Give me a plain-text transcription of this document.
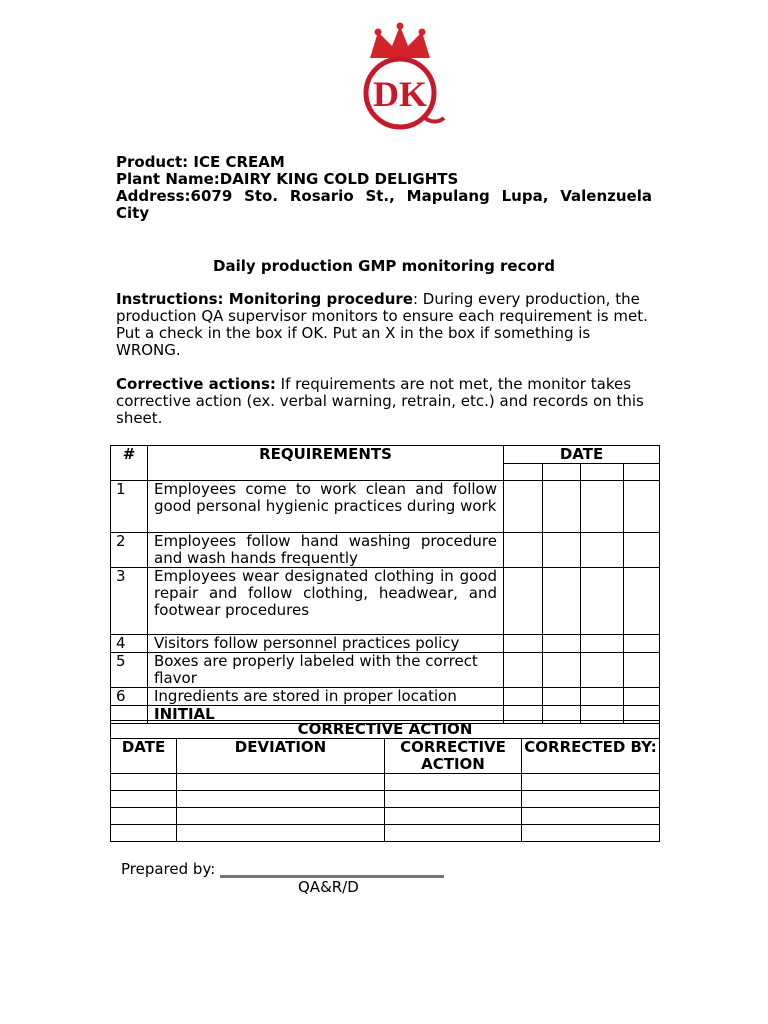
DK
Product: ICE CREAM
Plant Name:DAIRY KING COLD DELIGHTS
Address:6079 Sto. Rosario St., Mapulang Lupa, Valenzuela
City
Daily production GMP monitoring record
Instructions: Monitoring procedure: During every production, the production QA supervisor monitors to ensure each requirement is met. Put a check in the box if OK. Put an X in the box if something is WRONG.
Corrective actions: If requirements are not met, the monitor takes corrective action (ex. verbal warning, retrain, etc.) and records on this sheet.
#	REQUIREMENTS	DATE			

1	Employees come to work clean and follow good personal hygienic practices during work				
2	Employees follow hand washing procedure and wash hands frequently				
3	Employees wear designated clothing in good repair and follow clothing, headwear, and footwear procedures				
4	Visitors follow personnel practices policy				
5	Boxes are properly labeled with the correct flavor				
6	Ingredients are stored in proper location				
	INITIAL				
CORRECTIVE ACTION			
DATE	DEVIATION	CORRECTIVE ACTION	CORRECTED BY:

Prepared by:
QA&R/D
